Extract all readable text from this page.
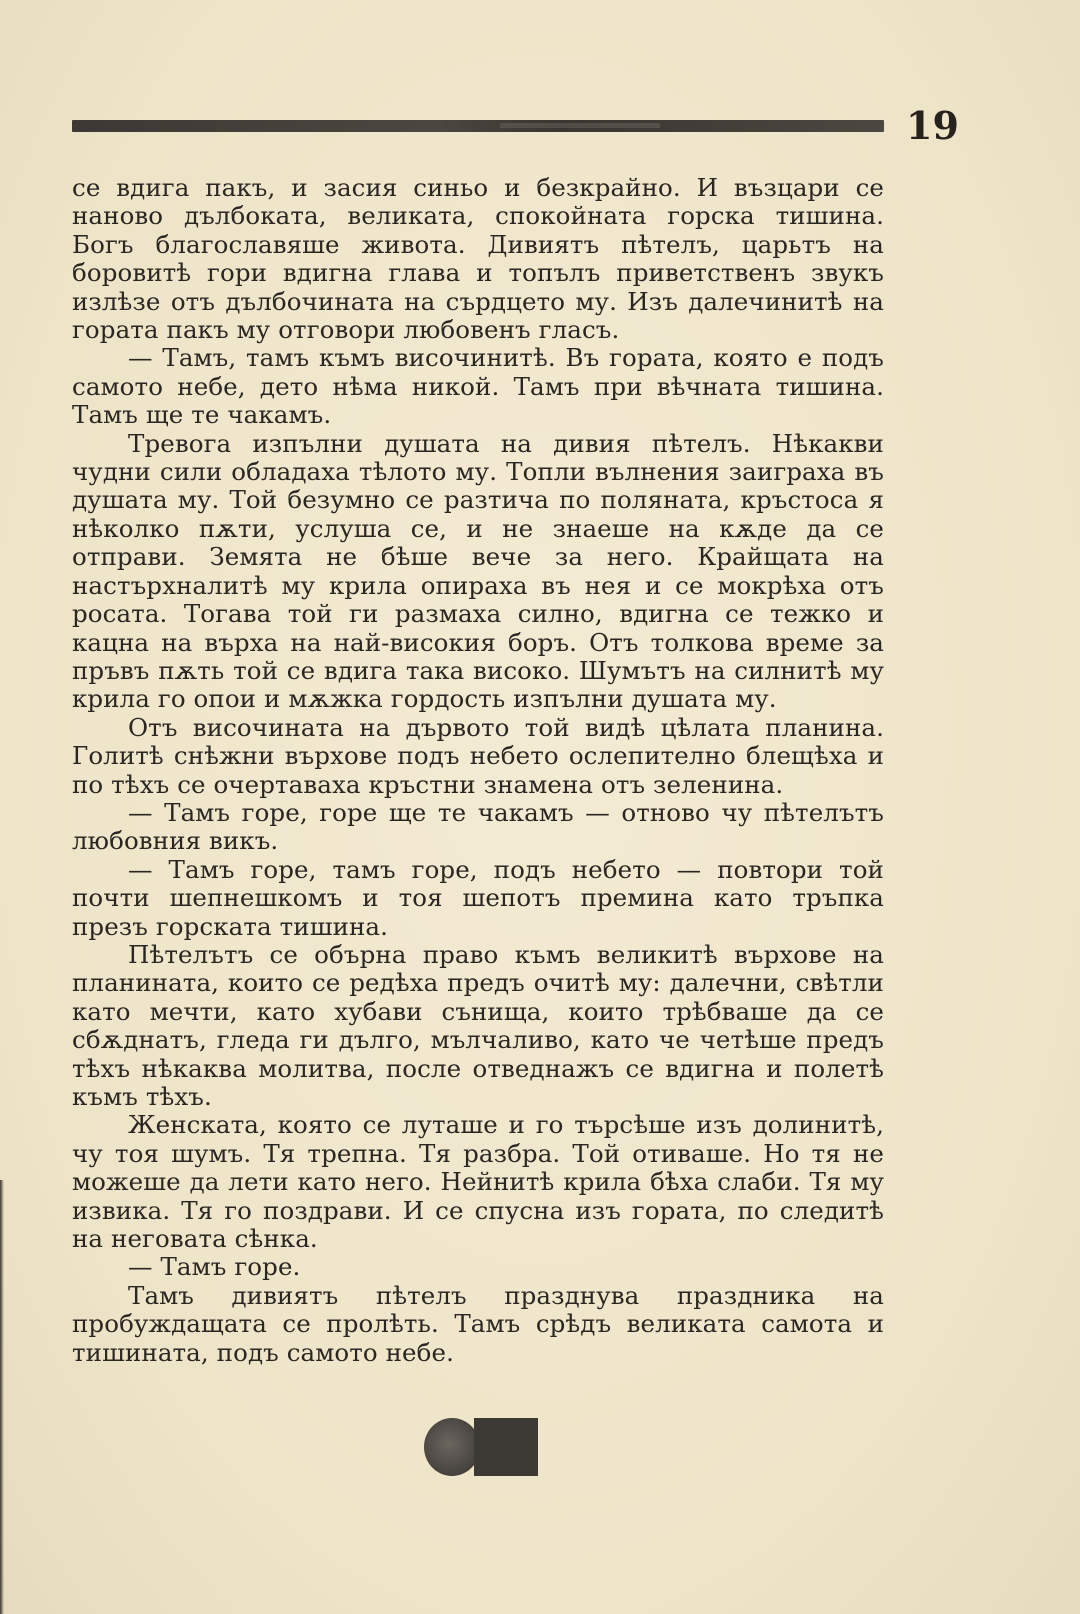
19

се вдига пакъ, и засия синьо и безкрайно. И възцари се наново дълбоката, великата, спокойната горска тишина. Богъ благославяше живота. Дивиятъ пѣтелъ, царьтъ на боровитѣ гори вдигна глава и топълъ приветственъ звукъ излѣзе отъ дълбочината на сърдцето му. Изъ далечинитѣ на гората пакъ му отговори любовенъ гласъ.

— Тамъ, тамъ къмъ височинитѣ. Въ гората, която е подъ самото небе, дето нѣма никой. Тамъ при вѣчната тишина. Тамъ ще те чакамъ.

Тревога изпълни душата на дивия пѣтелъ. Нѣкакви чудни сили обладаха тѣлото му. Топли вълнения заиграха въ душата му. Той безумно се разтича по поляната, кръстоса я нѣколко пѫти, услуша се, и не знаеше на кѫде да се отправи. Земята не бѣше вече за него. Крайщата на настърхналитѣ му крила опираха въ нея и се мокрѣха отъ росата. Тогава той ги размаха силно, вдигна се тежко и кацна на върха на най-високия боръ. Отъ толкова време за пръвъ пѫть той се вдига така високо. Шумътъ на силнитѣ му крила го опои и мѫжка гордость изпълни душата му.

Отъ височината на дървото той видѣ цѣлата планина. Голитѣ снѣжни върхове подъ небето ослепително блещѣха и по тѣхъ се очертаваха кръстни знамена отъ зеленина.

— Тамъ горе, горе ще те чакамъ — отново чу пѣтелътъ любовния викъ.

— Тамъ горе, тамъ горе, подъ небето — повтори той почти шепнешкомъ и тоя шепотъ премина като тръпка презъ горската тишина.

Пѣтелътъ се обърна право къмъ великитѣ върхове на планината, които се редѣха предъ очитѣ му: далечни, свѣтли като мечти, като хубави сънища, които трѣбваше да се сбѫднатъ, гледа ги дълго, мълчаливо, като че четѣше предъ тѣхъ нѣкаква молитва, после отведнажъ се вдигна и полетѣ къмъ тѣхъ.

Женската, която се луташе и го търсѣше изъ долинитѣ, чу тоя шумъ. Тя трепна. Тя разбра. Той отиваше. Но тя не можеше да лети като него. Нейнитѣ крила бѣха слаби. Тя му извика. Тя го поздрави. И се спусна изъ гората, по следитѣ на неговата сѣнка.

— Тамъ горе.

Тамъ дивиятъ пѣтелъ празднува праздника на пробуждащата се пролѣть. Тамъ срѣдъ великата самота и тишината, подъ самото небе.
